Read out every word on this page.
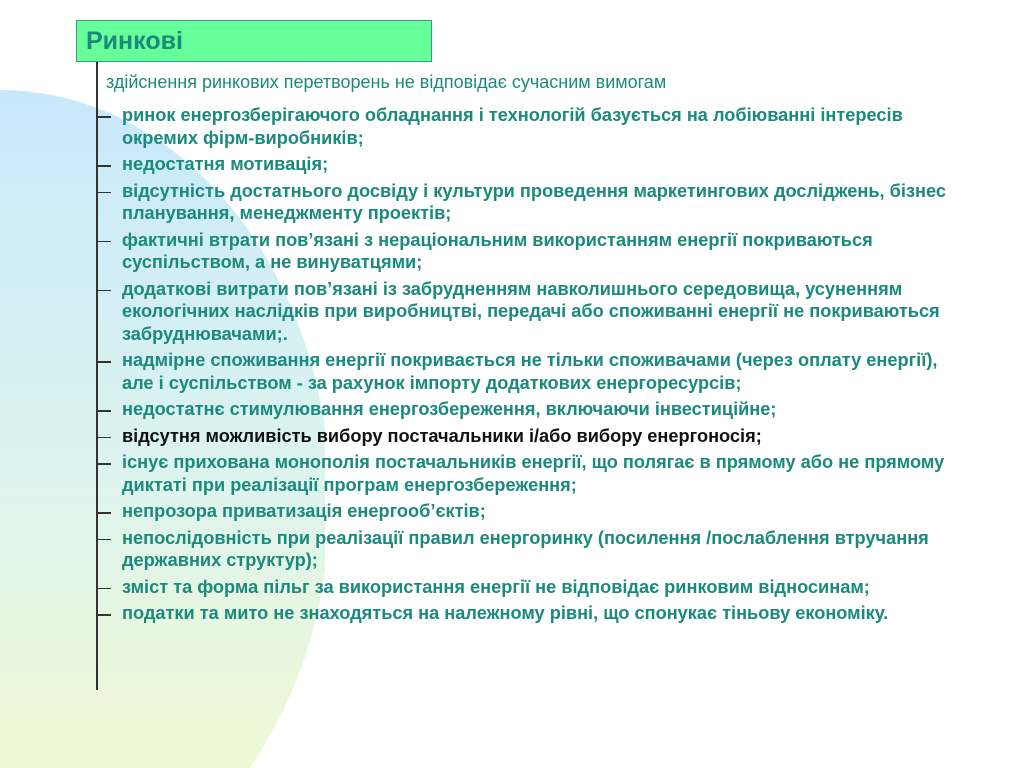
Ринкові
здійснення ринкових перетворень не відповідає сучасним вимогам
ринок енергозберігаючого обладнання і технологій базується на лобіюванні інтересів окремих фірм-виробників;
недостатня мотивація;
відсутність достатнього досвіду і культури проведення маркетингових досліджень, бізнес планування, менеджменту проектів;
фактичні втрати пов’язані з нераціональним використанням енергії покриваються суспільством, а не винуватцями;
додаткові витрати пов’язані із забрудненням навколишнього середовища, усуненням екологічних наслідків при виробництві, передачі або споживанні енергії не покриваються забруднювачами;.
надмірне споживання енергії покривається не тільки споживачами (через оплату енергії), але і суспільством - за рахунок імпорту додаткових енергоресурсів;
недостатнє стимулювання енергозбереження, включаючи інвестиційне;
відсутня можливість вибору постачальники і/або вибору енергоносія;
існує прихована монополія постачальників енергії, що полягає в прямому або не прямому диктаті при реалізації програм енергозбереження;
непрозора приватизація енергооб’єктів;
непослідовність при реалізації правил енергоринку (посилення /послаблення втручання державних структур);
зміст та форма пільг за використання енергії не відповідає ринковим відносинам;
податки та мито не знаходяться на належному рівні, що спонукає тіньову економіку.
